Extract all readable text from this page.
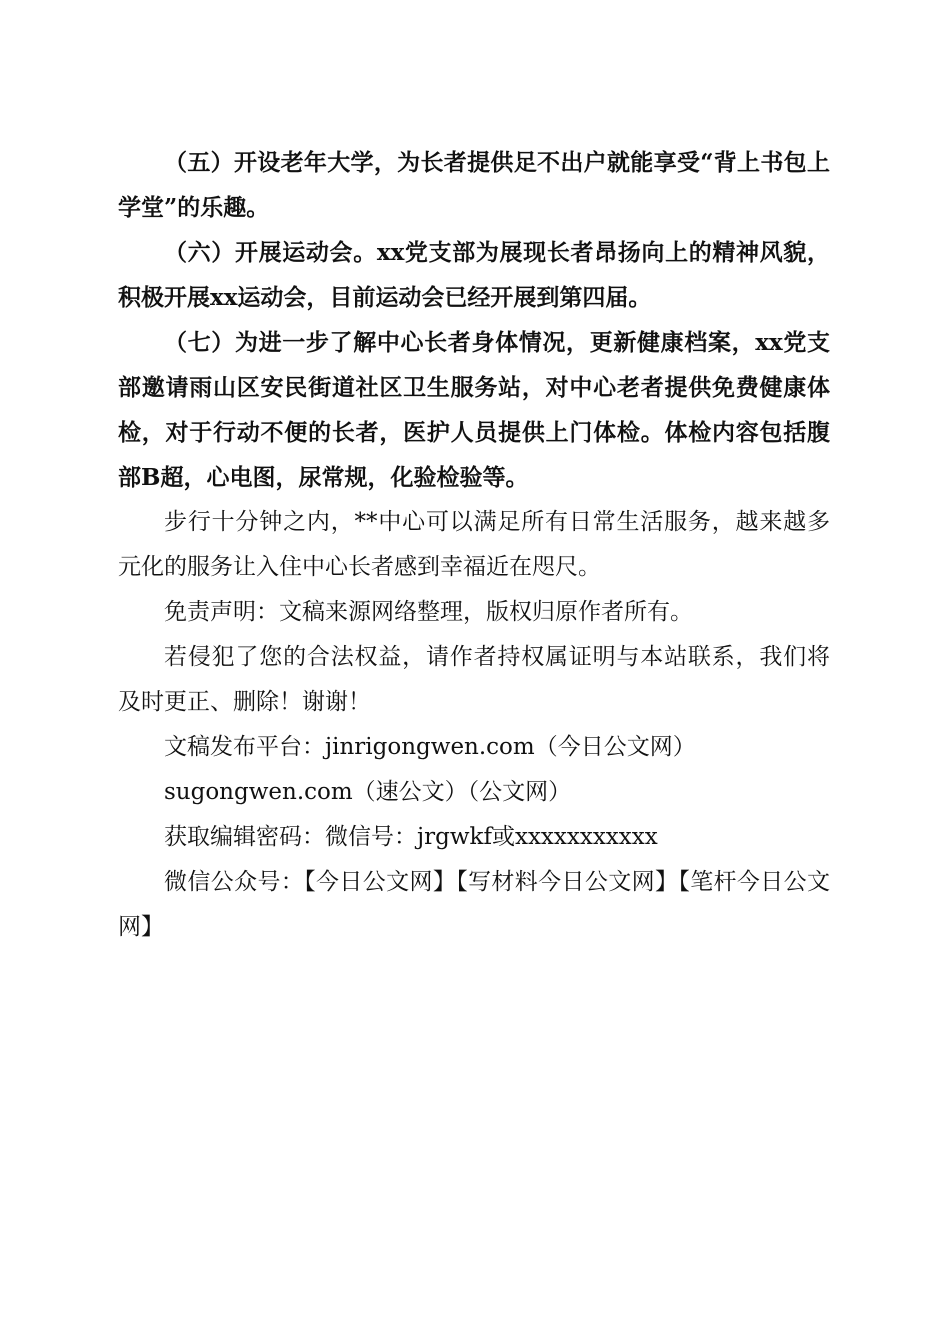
（五）开设老年大学，为长者提供足不出户就能享受“背上书包上学堂”的乐趣。

（六）开展运动会。xx党支部为展现长者昂扬向上的精神风貌，积极开展xx运动会，目前运动会已经开展到第四届。

（七）为进一步了解中心长者身体情况，更新健康档案，xx党支部邀请雨山区安民街道社区卫生服务站，对中心老者提供免费健康体检，对于行动不便的长者，医护人员提供上门体检。体检内容包括腹部B超，心电图，尿常规，化验检验等。

步行十分钟之内，**中心可以满足所有日常生活服务，越来越多元化的服务让入住中心长者感到幸福近在咫尺。

免责声明：文稿来源网络整理，版权归原作者所有。

若侵犯了您的合法权益，请作者持权属证明与本站联系，我们将及时更正、删除！谢谢！

文稿发布平台：jinrigongwen.com（今日公文网）

sugongwen.com（速公文）（公文网）

获取编辑密码：微信号：jrgwkf或xxxxxxxxxxx

微信公众号：【今日公文网】【写材料今日公文网】【笔杆今日公文网】
